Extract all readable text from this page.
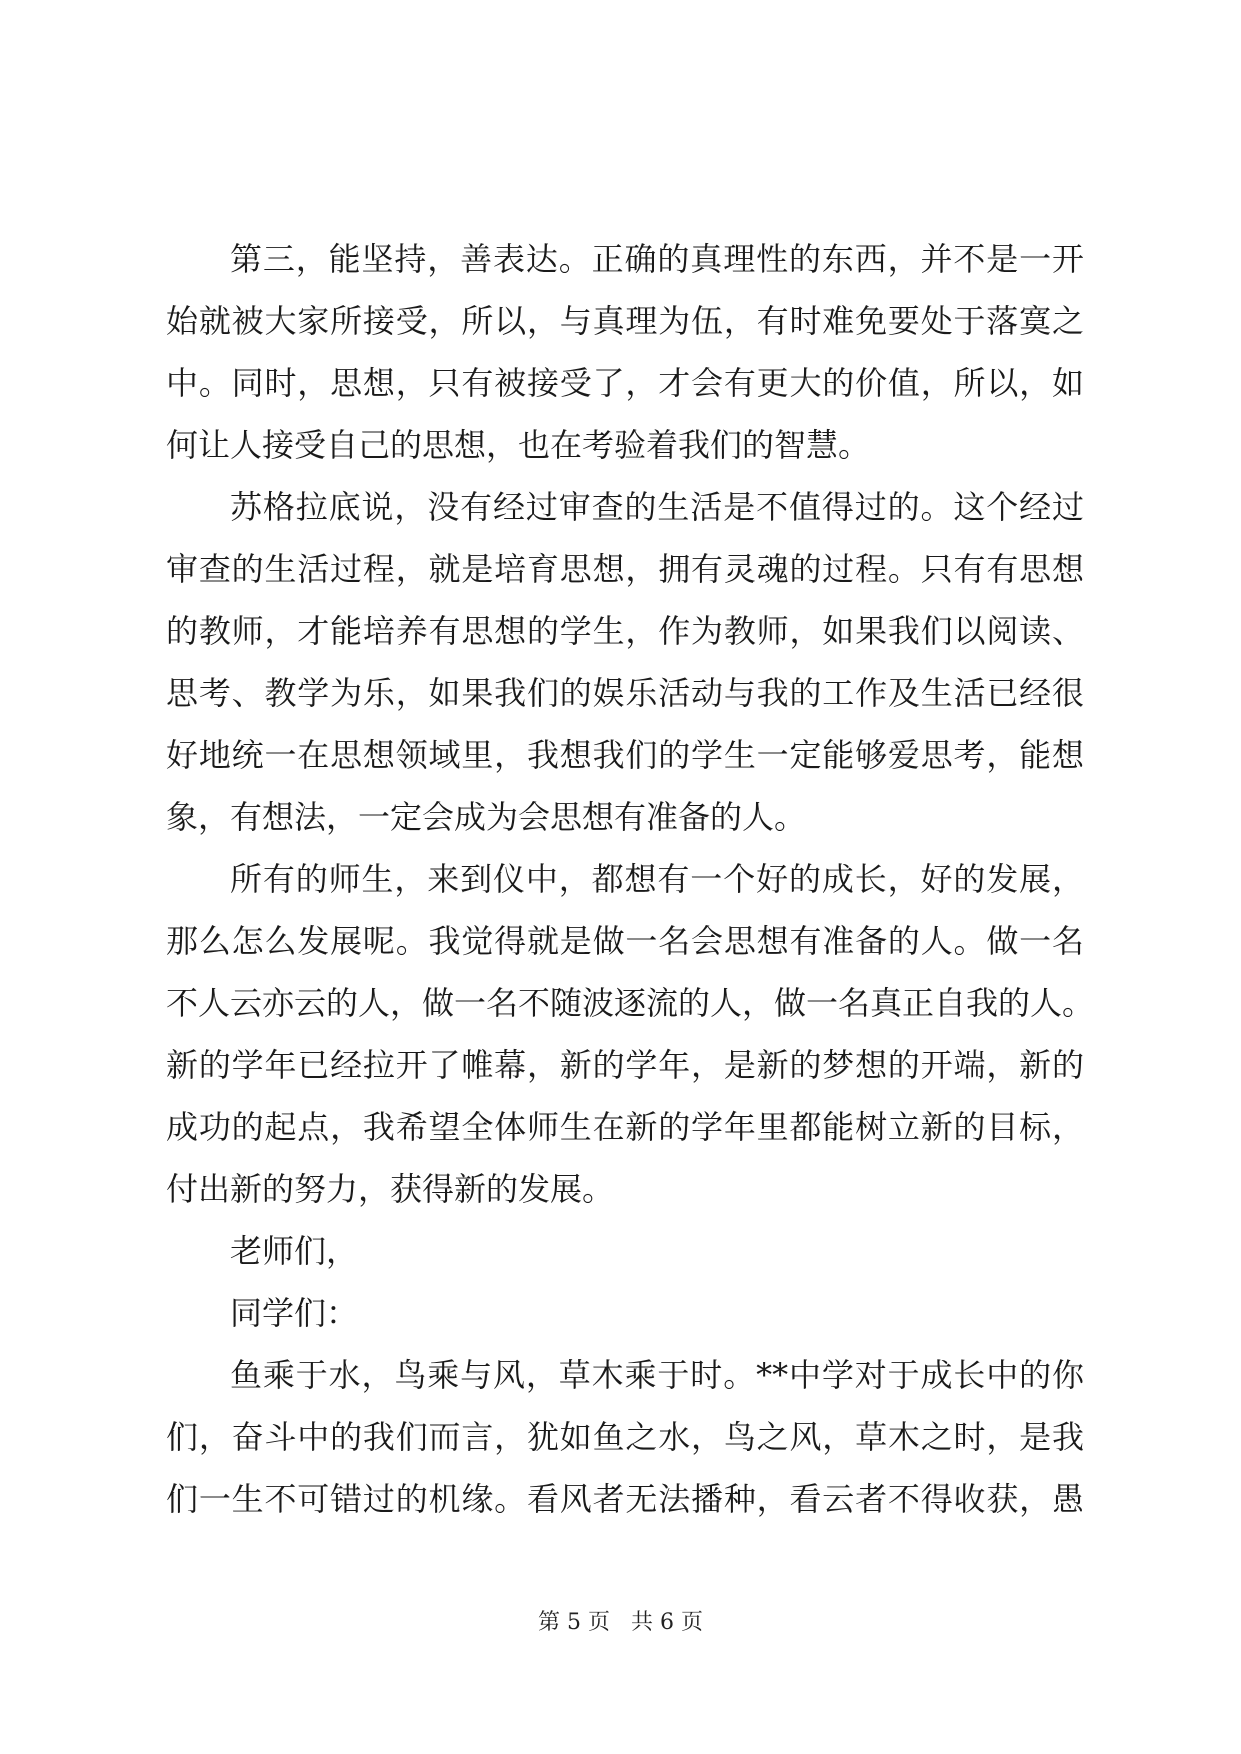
第三，能坚持，善表达。正确的真理性的东西，并不是一开
始就被大家所接受，所以，与真理为伍，有时难免要处于落寞之
中。同时，思想，只有被接受了，才会有更大的价值，所以，如
何让人接受自己的思想，也在考验着我们的智慧。
苏格拉底说，没有经过审查的生活是不值得过的。这个经过
审查的生活过程，就是培育思想，拥有灵魂的过程。只有有思想
的教师，才能培养有思想的学生，作为教师，如果我们以阅读、
思考、教学为乐，如果我们的娱乐活动与我的工作及生活已经很
好地统一在思想领域里，我想我们的学生一定能够爱思考，能想
象，有想法，一定会成为会思想有准备的人。
所有的师生，来到仪中，都想有一个好的成长，好的发展，
那么怎么发展呢。我觉得就是做一名会思想有准备的人。做一名
不人云亦云的人，做一名不随波逐流的人，做一名真正自我的人。
新的学年已经拉开了帷幕，新的学年，是新的梦想的开端，新的
成功的起点，我希望全体师生在新的学年里都能树立新的目标，
付出新的努力，获得新的发展。
老师们，
同学们：
鱼乘于水，鸟乘与风，草木乘于时。**中学对于成长中的你
们，奋斗中的我们而言，犹如鱼之水，鸟之风，草木之时，是我
们一生不可错过的机缘。看风者无法播种，看云者不得收获，愚
第 5 页 共 6 页
